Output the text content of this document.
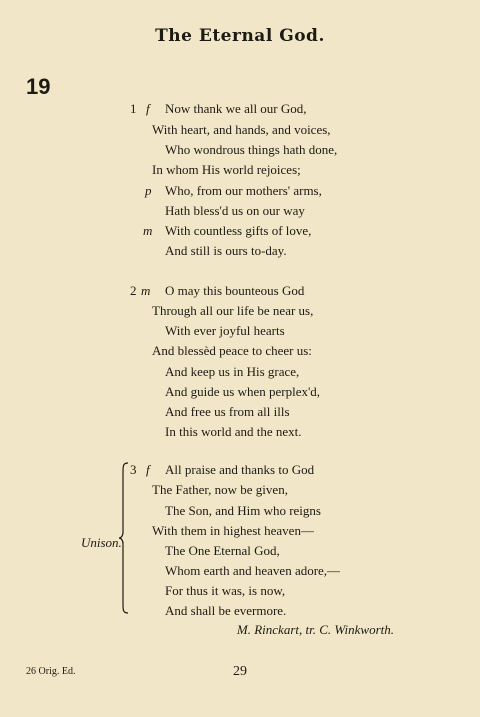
The Eternal God.
19
1 f Now thank we all our God,
With heart, and hands, and voices,
Who wondrous things hath done,
In whom His world rejoices;
p Who, from our mothers' arms,
Hath bless'd us on our way
m With countless gifts of love,
And still is ours to-day.
2 m O may this bounteous God
Through all our life be near us,
With ever joyful hearts
And blessèd peace to cheer us:
And keep us in His grace,
And guide us when perplex'd,
And free us from all ills
In this world and the next.
3 f All praise and thanks to God
The Father, now be given,
The Son, and Him who reigns
With them in highest heaven—
The One Eternal God,
Whom earth and heaven adore,—
For thus it was, is now,
And shall be evermore.
Unison.
M. Rinckart, tr. C. Winkworth.
26 Orig. Ed.	29
